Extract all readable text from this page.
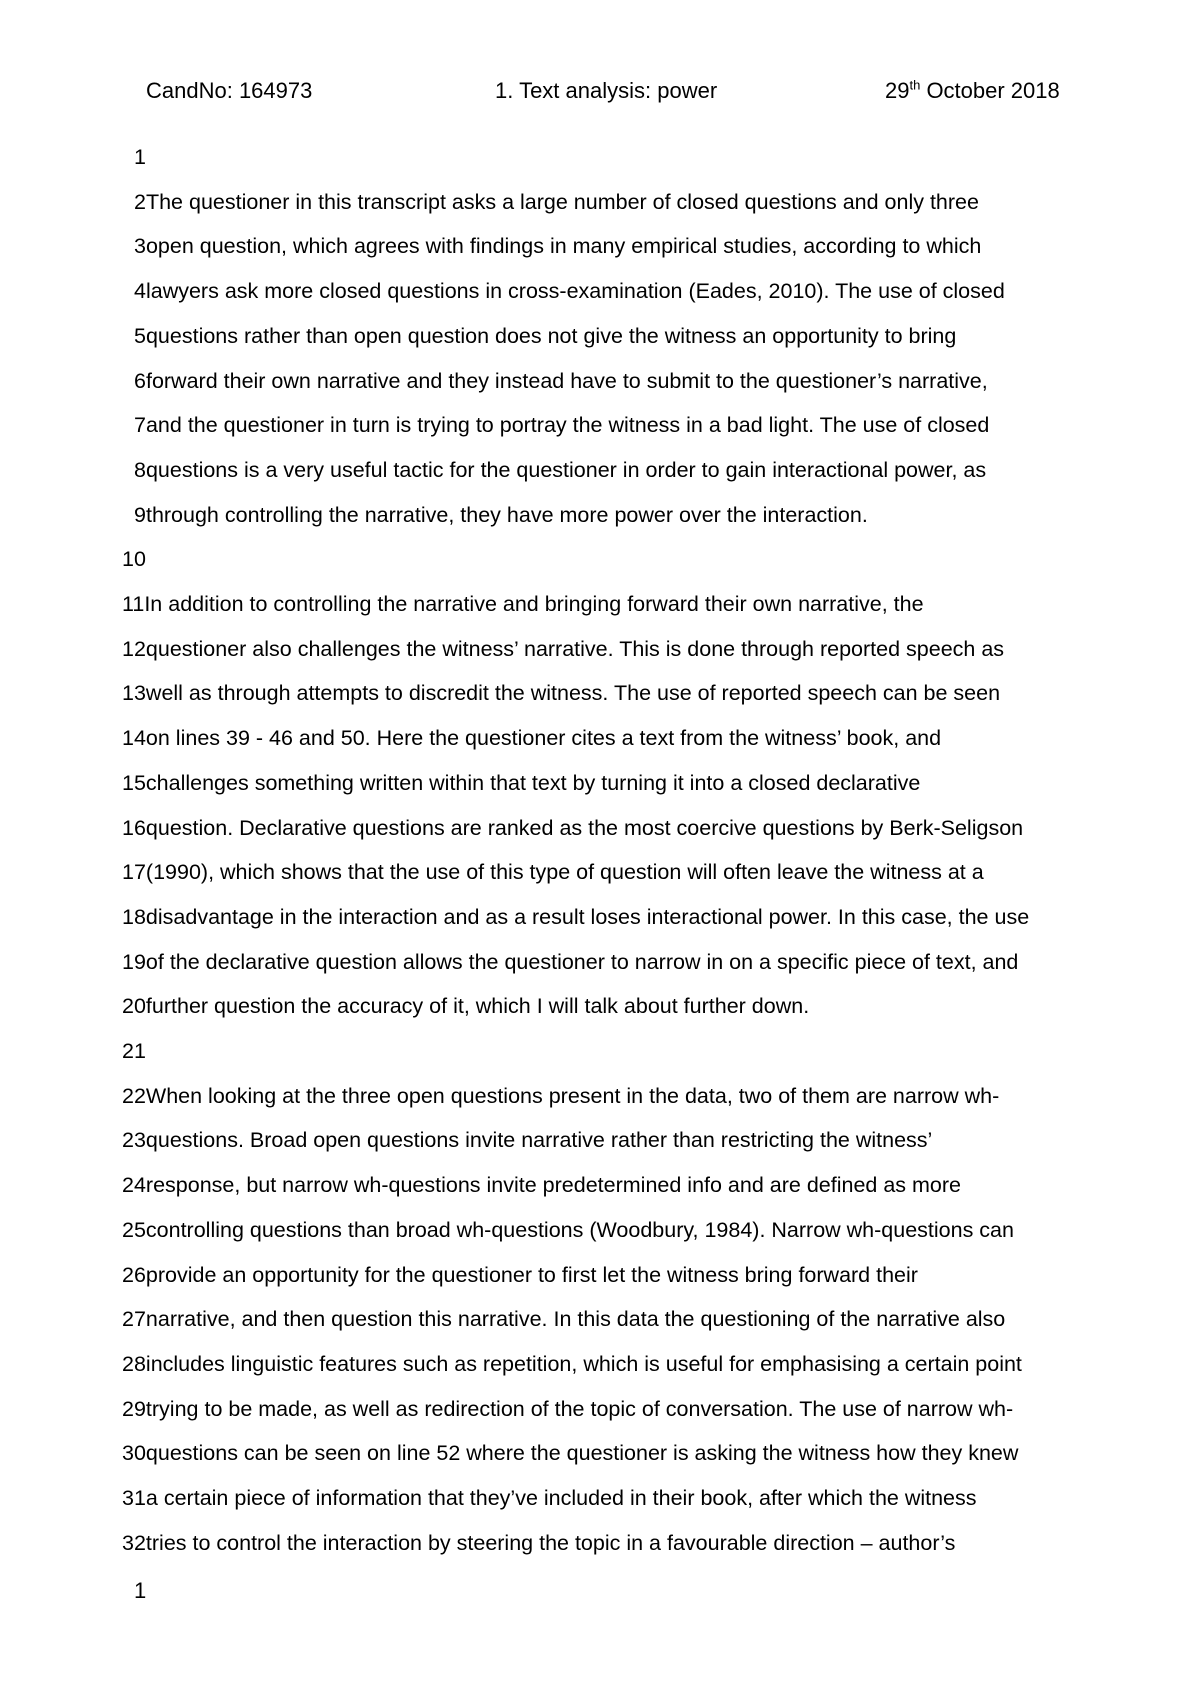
CandNo: 164973	1. Text analysis: power	29th October 2018
1
2The questioner in this transcript asks a large number of closed questions and only three
3open question, which agrees with findings in many empirical studies, according to which
4lawyers ask more closed questions in cross-examination (Eades, 2010). The use of closed
5questions rather than open question does not give the witness an opportunity to bring
6forward their own narrative and they instead have to submit to the questioner’s narrative,
7and the questioner in turn is trying to portray the witness in a bad light. The use of closed
8questions is a very useful tactic for the questioner in order to gain interactional power, as
9through controlling the narrative, they have more power over the interaction.
10
11In addition to controlling the narrative and bringing forward their own narrative, the
12questioner also challenges the witness’ narrative. This is done through reported speech as
13well as through attempts to discredit the witness. The use of reported speech can be seen
14on lines 39 - 46 and 50. Here the questioner cites a text from the witness’ book, and
15challenges something written within that text by turning it into a closed declarative
16question. Declarative questions are ranked as the most coercive questions by Berk-Seligson
17(1990), which shows that the use of this type of question will often leave the witness at a
18disadvantage in the interaction and as a result loses interactional power. In this case, the use
19of the declarative question allows the questioner to narrow in on a specific piece of text, and
20further question the accuracy of it, which I will talk about further down.
21
22When looking at the three open questions present in the data, two of them are narrow wh-
23questions. Broad open questions invite narrative rather than restricting the witness’
24response, but narrow wh-questions invite predetermined info and are defined as more
25controlling questions than broad wh-questions (Woodbury, 1984). Narrow wh-questions can
26provide an opportunity for the questioner to first let the witness bring forward their
27narrative, and then question this narrative. In this data the questioning of the narrative also
28includes linguistic features such as repetition, which is useful for emphasising a certain point
29trying to be made, as well as redirection of the topic of conversation. The use of narrow wh-
30questions can be seen on line 52 where the questioner is asking the witness how they knew
31a certain piece of information that they’ve included in their book, after which the witness
32tries to control the interaction by steering the topic in a favourable direction – author’s
1
